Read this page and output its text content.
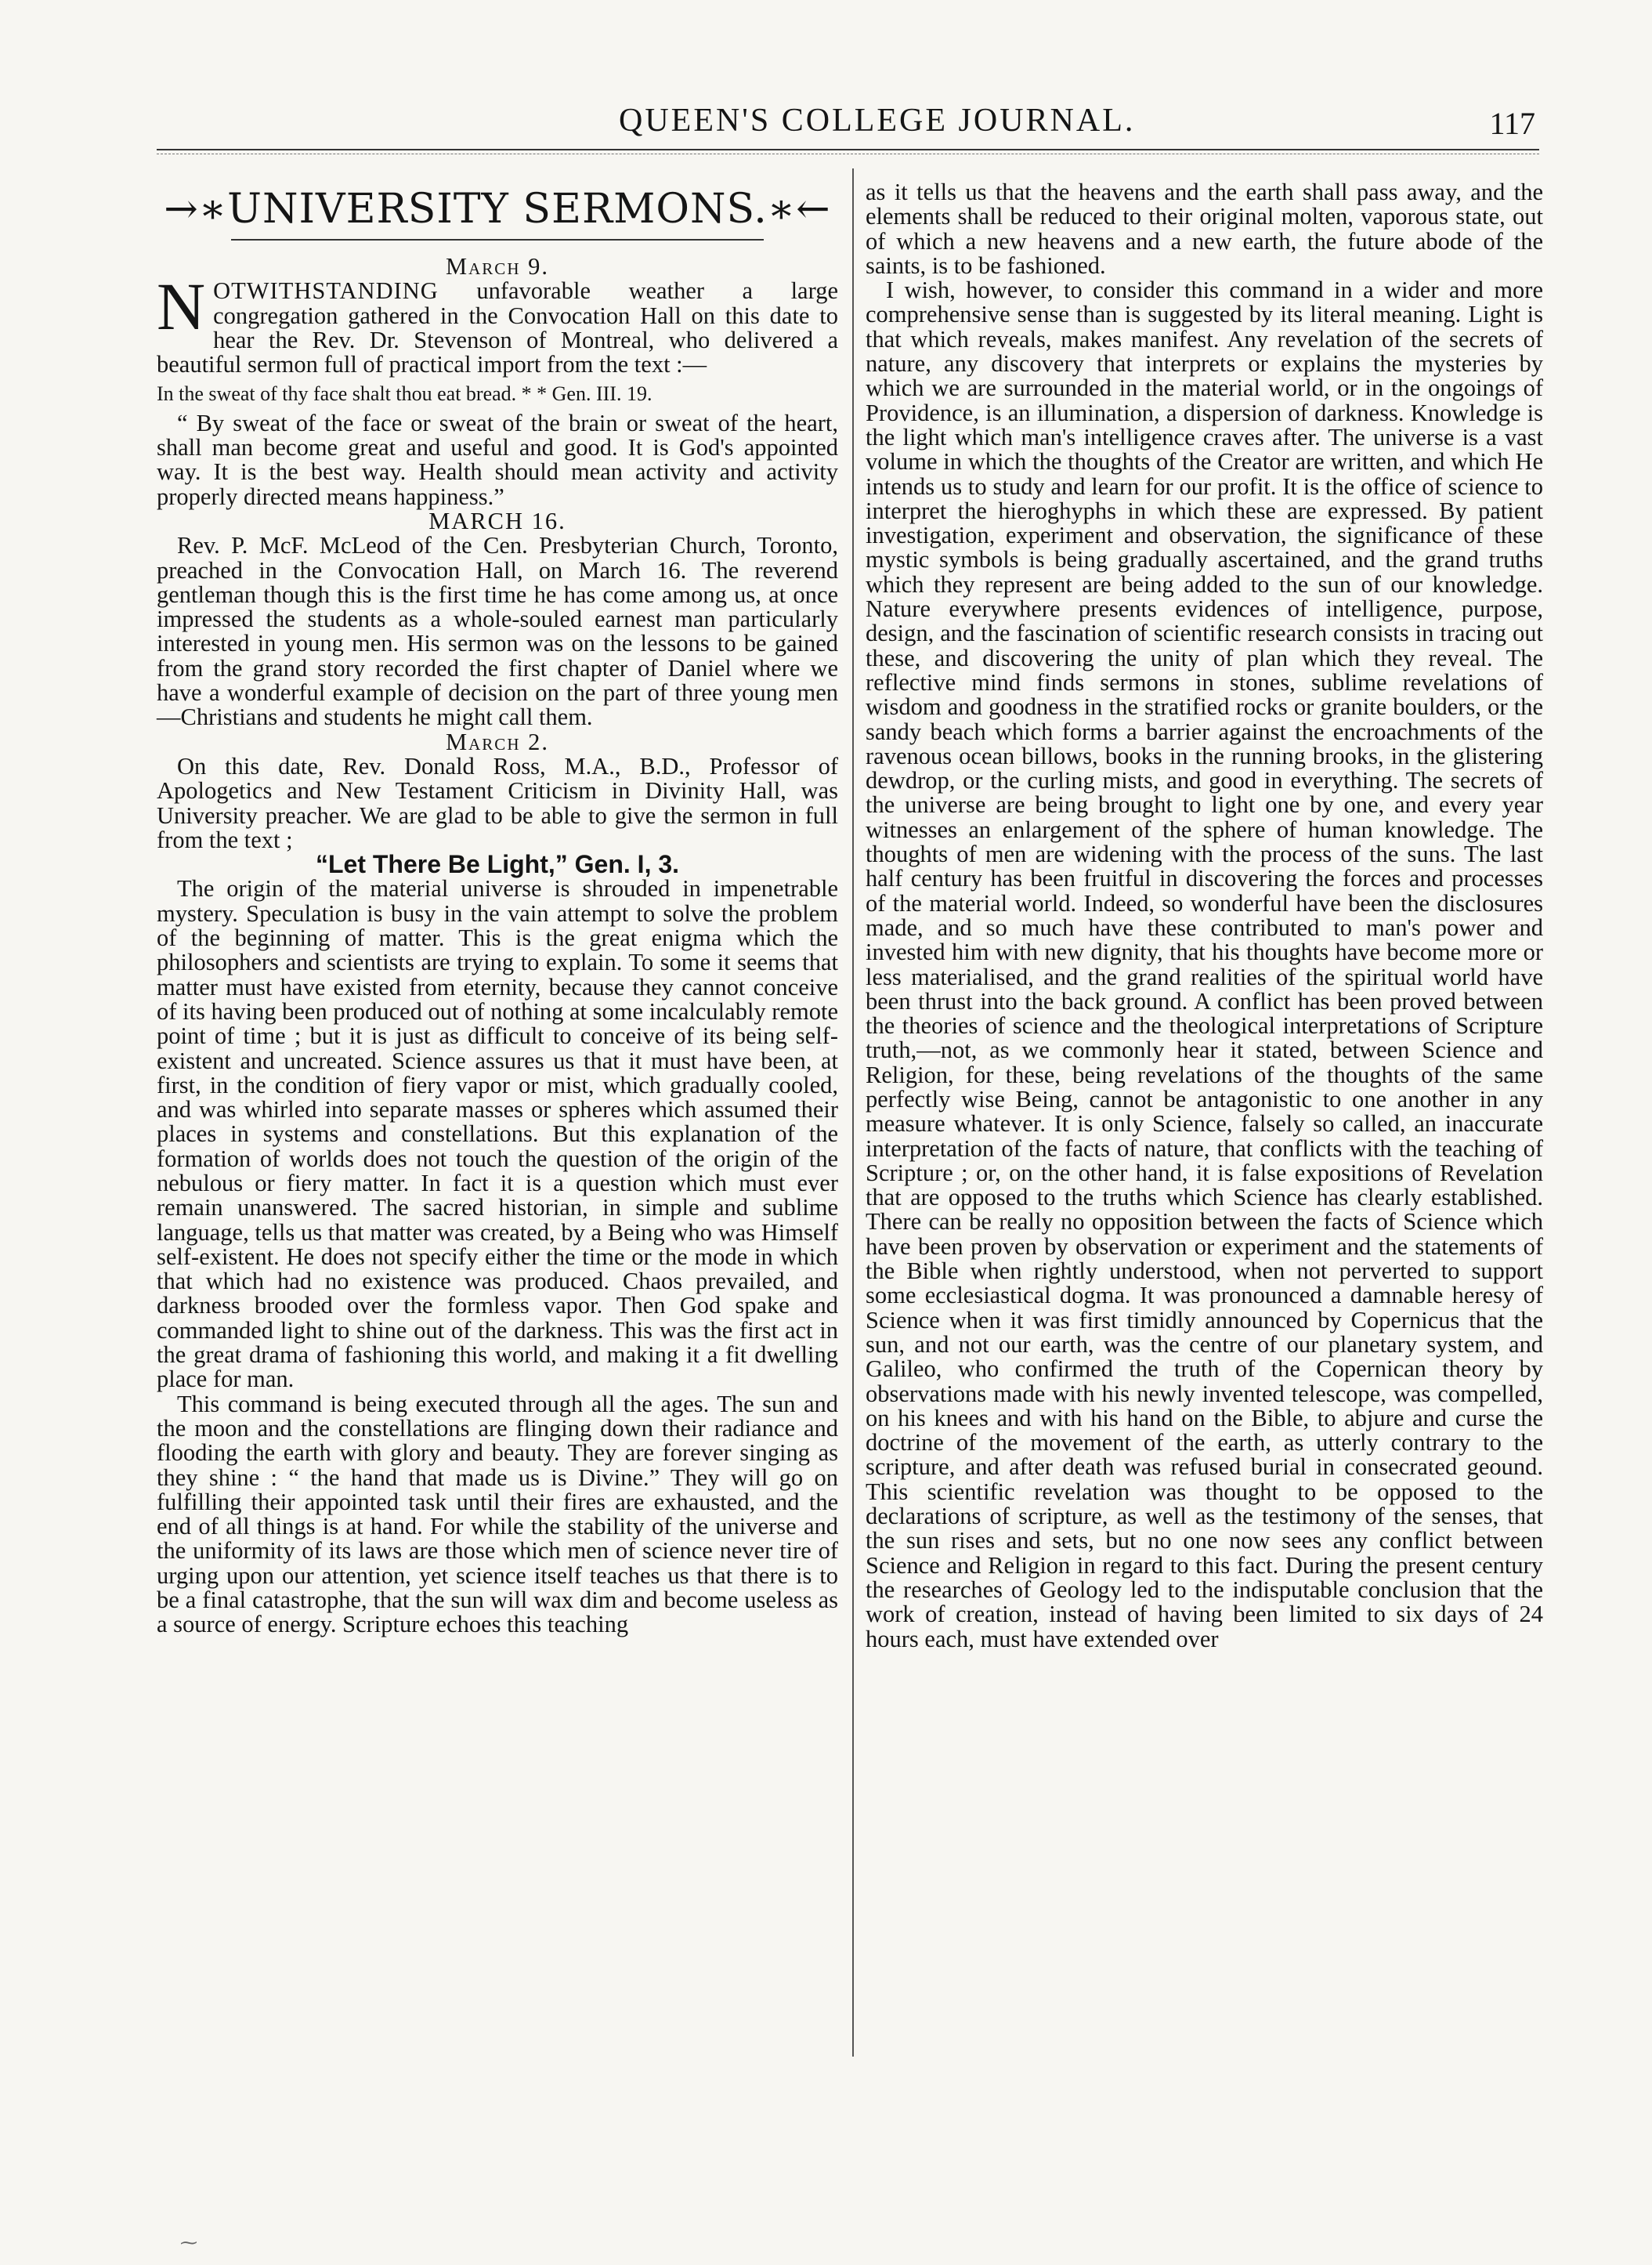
QUEEN'S COLLEGE JOURNAL.	117
→∗UNIVERSITY SERMONS.∗←

March 9.

NOTWITHSTANDING unfavorable weather a large congregation gathered in the Convocation Hall on this date to hear the Rev. Dr. Stevenson of Montreal, who delivered a beautiful sermon full of practical import from the text :—

In the sweat of thy face shalt thou eat bread. * * Gen. III. 19.

“ By sweat of the face or sweat of the brain or sweat of the heart, shall man become great and useful and good. It is God's appointed way. It is the best way. Health should mean activity and activity properly directed means happiness.”

MARCH 16.

Rev. P. McF. McLeod of the Cen. Presbyterian Church, Toronto, preached in the Convocation Hall, on March 16. The reverend gentleman though this is the first time he has come among us, at once impressed the students as a whole-souled earnest man particularly interested in young men. His sermon was on the lessons to be gained from the grand story recorded the first chapter of Daniel where we have a wonderful example of decision on the part of three young men—Christians and students he might call them.

March 2.

On this date, Rev. Donald Ross, M.A., B.D., Professor of Apologetics and New Testament Criticism in Divinity Hall, was University preacher. We are glad to be able to give the sermon in full from the text ;

“Let There Be Light,” Gen. I, 3.

The origin of the material universe is shrouded in impenetrable mystery. Speculation is busy in the vain attempt to solve the problem of the beginning of matter. This is the great enigma which the philosophers and scientists are trying to explain. To some it seems that matter must have existed from eternity, because they cannot conceive of its having been produced out of nothing at some incalculably remote point of time ; but it is just as difficult to conceive of its being self-existent and uncreated. Science assures us that it must have been, at first, in the condition of fiery vapor or mist, which gradually cooled, and was whirled into separate masses or spheres which assumed their places in systems and constellations. But this explanation of the formation of worlds does not touch the question of the origin of the nebulous or fiery matter. In fact it is a question which must ever remain unanswered. The sacred historian, in simple and sublime language, tells us that matter was created, by a Being who was Himself self-existent. He does not specify either the time or the mode in which that which had no existence was produced. Chaos prevailed, and darkness brooded over the formless vapor. Then God spake and commanded light to shine out of the darkness. This was the first act in the great drama of fashioning this world, and making it a fit dwelling place for man.

This command is being executed through all the ages. The sun and the moon and the constellations are flinging down their radiance and flooding the earth with glory and beauty. They are forever singing as they shine : “ the hand that made us is Divine.” They will go on fulfilling their appointed task until their fires are exhausted, and the end of all things is at hand. For while the stability of the universe and the uniformity of its laws are those which men of science never tire of urging upon our attention, yet science itself teaches us that there is to be a final catastrophe, that the sun will wax dim and become useless as a source of energy. Scripture echoes this teaching

as it tells us that the heavens and the earth shall pass away, and the elements shall be reduced to their original molten, vaporous state, out of which a new heavens and a new earth, the future abode of the saints, is to be fashioned.

I wish, however, to consider this command in a wider and more comprehensive sense than is suggested by its literal meaning. Light is that which reveals, makes manifest. Any revelation of the secrets of nature, any discovery that interprets or explains the mysteries by which we are surrounded in the material world, or in the ongoings of Providence, is an illumination, a dispersion of darkness. Knowledge is the light which man's intelligence craves after. The universe is a vast volume in which the thoughts of the Creator are written, and which He intends us to study and learn for our profit. It is the office of science to interpret the hieroghyphs in which these are expressed. By patient investigation, experiment and observation, the significance of these mystic symbols is being gradually ascertained, and the grand truths which they represent are being added to the sun of our knowledge. Nature everywhere presents evidences of intelligence, purpose, design, and the fascination of scientific research consists in tracing out these, and discovering the unity of plan which they reveal. The reflective mind finds sermons in stones, sublime revelations of wisdom and goodness in the stratified rocks or granite boulders, or the sandy beach which forms a barrier against the encroachments of the ravenous ocean billows, books in the running brooks, in the glistering dewdrop, or the curling mists, and good in everything. The secrets of the universe are being brought to light one by one, and every year witnesses an enlargement of the sphere of human knowledge. The thoughts of men are widening with the process of the suns. The last half century has been fruitful in discovering the forces and processes of the material world. Indeed, so wonderful have been the disclosures made, and so much have these contributed to man's power and invested him with new dignity, that his thoughts have become more or less materialised, and the grand realities of the spiritual world have been thrust into the back ground. A conflict has been proved between the theories of science and the theological interpretations of Scripture truth,—not, as we commonly hear it stated, between Science and Religion, for these, being revelations of the thoughts of the same perfectly wise Being, cannot be antagonistic to one another in any measure whatever. It is only Science, falsely so called, an inaccurate interpretation of the facts of nature, that conflicts with the teaching of Scripture ; or, on the other hand, it is false expositions of Revelation that are opposed to the truths which Science has clearly established. There can be really no opposition between the facts of Science which have been proven by observation or experiment and the statements of the Bible when rightly understood, when not perverted to support some ecclesiastical dogma. It was pronounced a damnable heresy of Science when it was first timidly announced by Copernicus that the sun, and not our earth, was the centre of our planetary system, and Galileo, who confirmed the truth of the Copernican theory by observations made with his newly invented telescope, was compelled, on his knees and with his hand on the Bible, to abjure and curse the doctrine of the movement of the earth, as utterly contrary to the scripture, and after death was refused burial in consecrated geound. This scientific revelation was thought to be opposed to the declarations of scripture, as well as the testimony of the senses, that the sun rises and sets, but no one now sees any conflict between Science and Religion in regard to this fact. During the present century the researches of Geology led to the indisputable conclusion that the work of creation, instead of having been limited to six days of 24 hours each, must have extended over

⁓
